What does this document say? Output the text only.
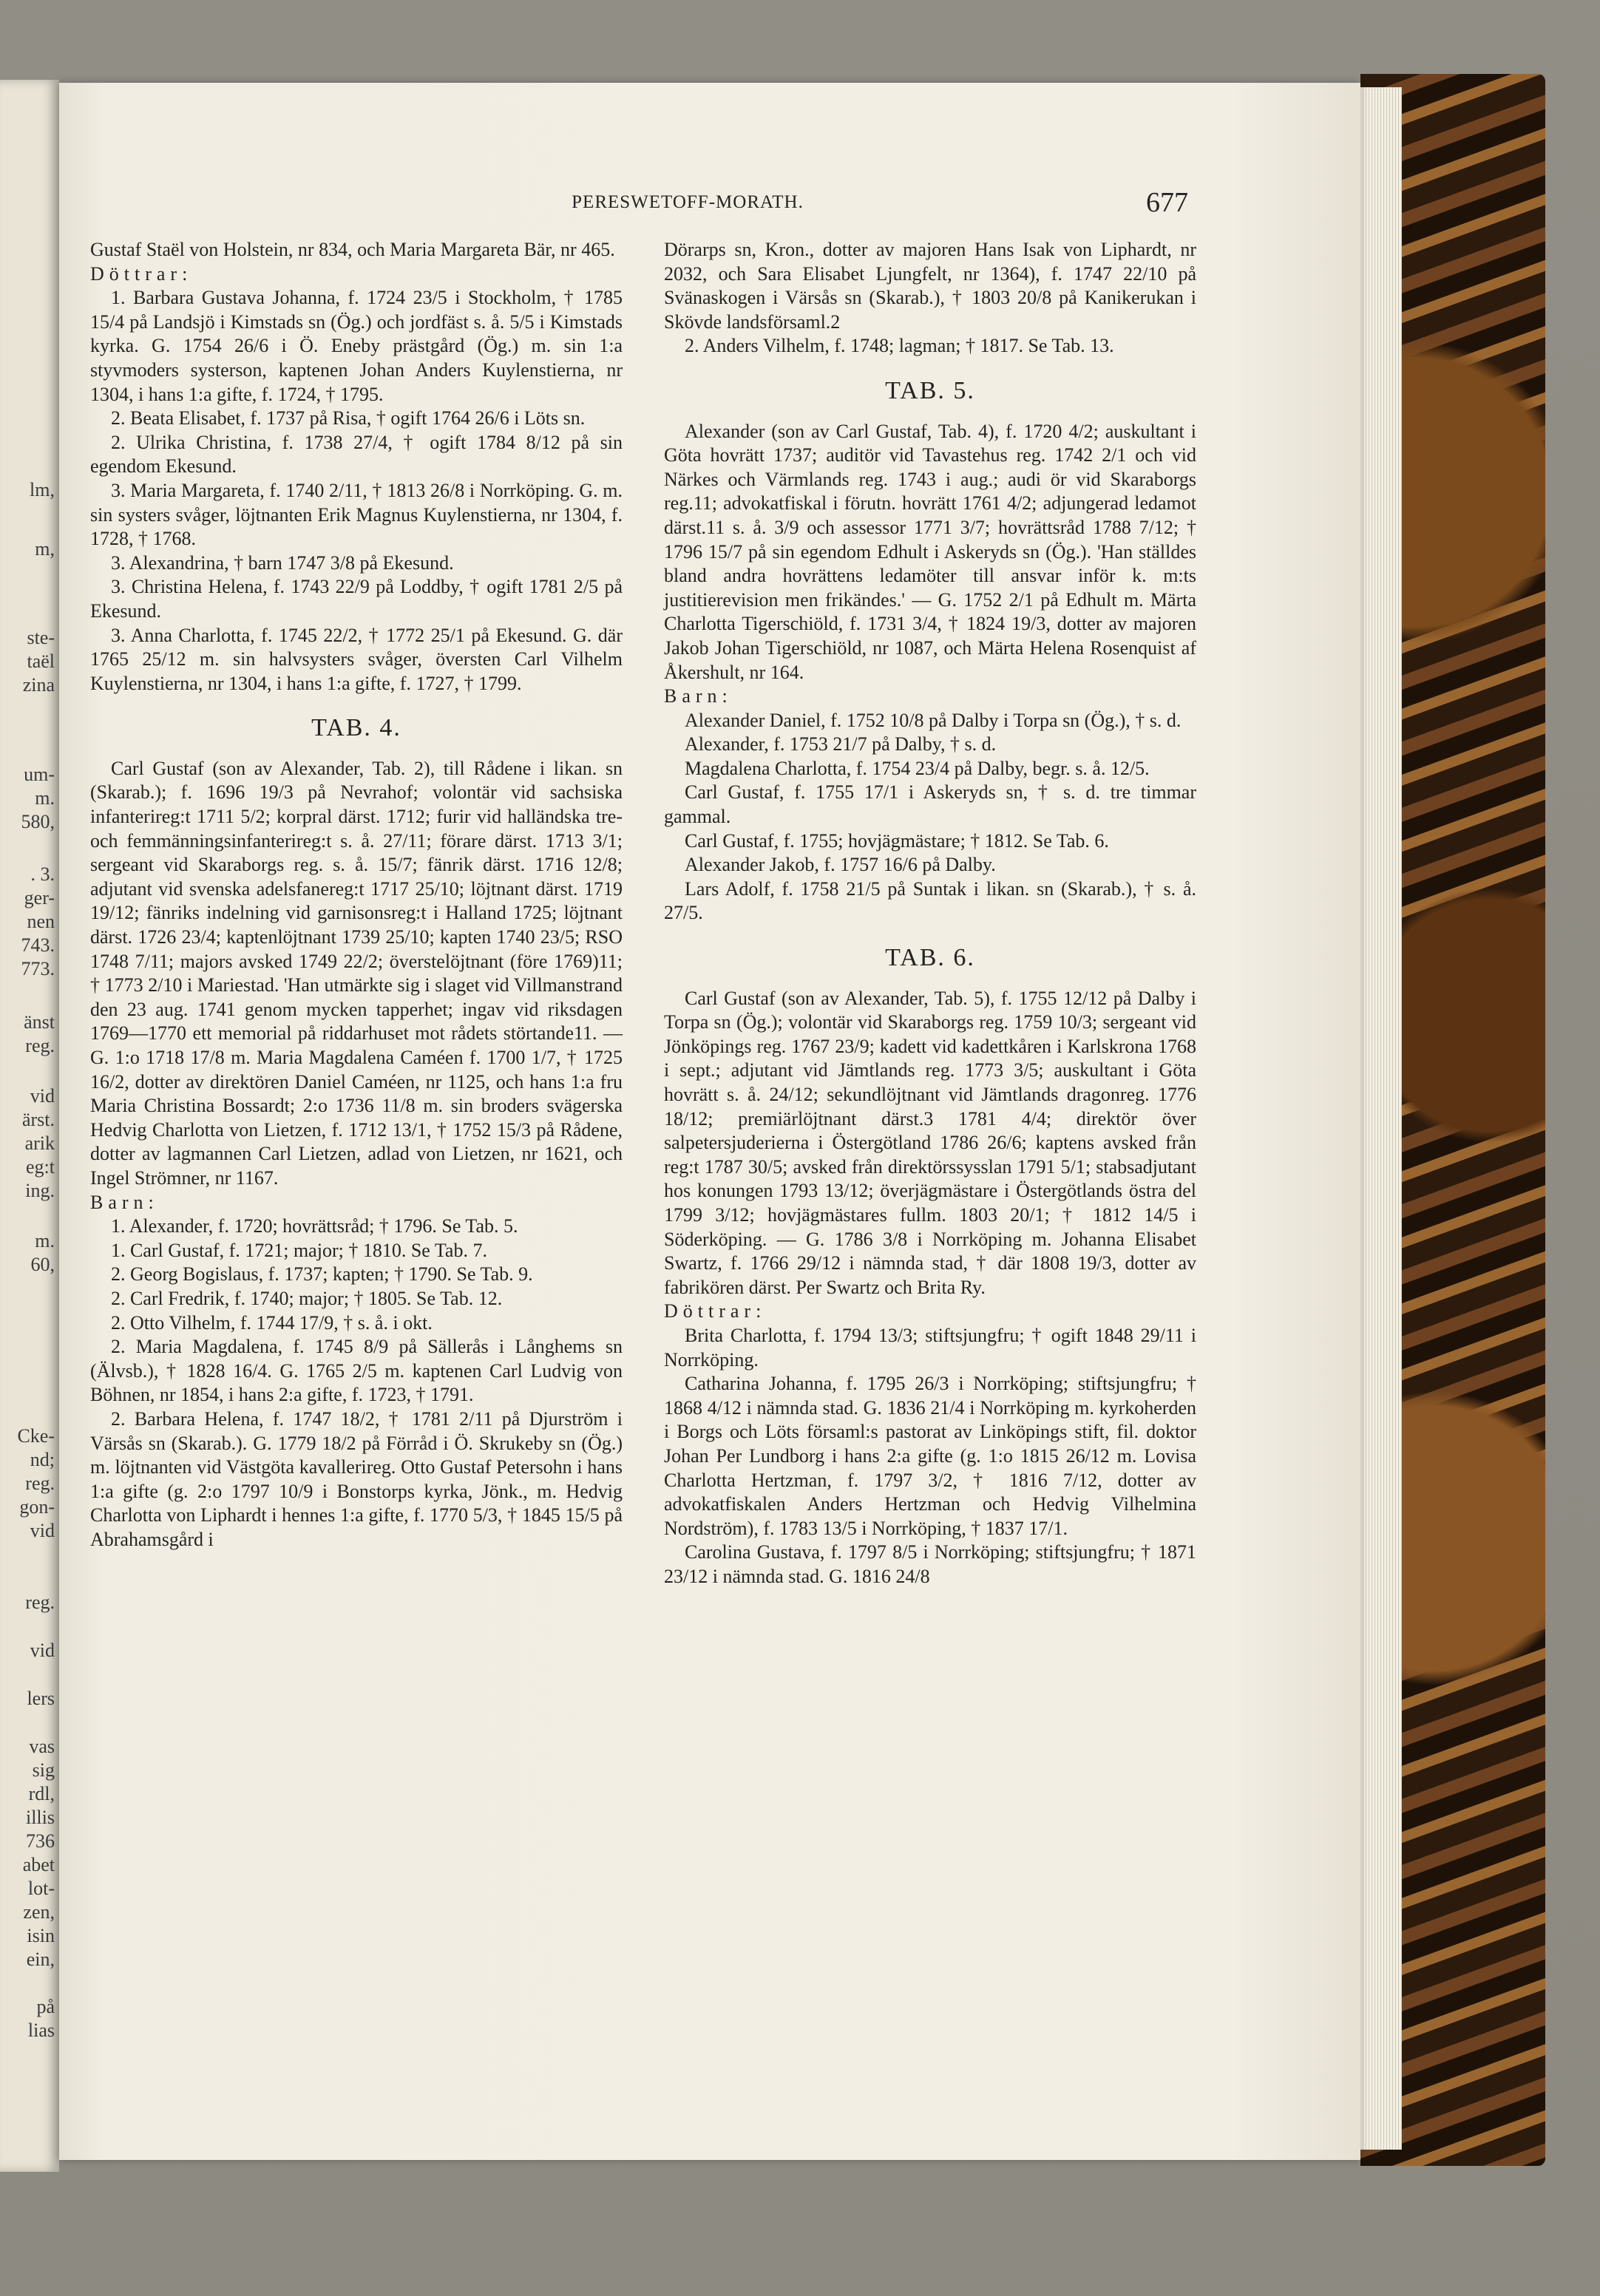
lm,
m,
ste-
taël
zina
um-
m.
580,
. 3.
ger-
nen
743.
773.
änst
reg.
vid
ärst.
arik
eg:t
ing.
m.
60,
Cke-
nd;
reg.
gon-
vid
reg.
vid
lers
vas
sig
rdl,
illis
736
abet
lot-
zen,
isin
ein,
på
lias
PERESWETOFF-MORATH.	677

Gustaf Staël von Holstein, nr 834, och Maria Margareta Bär, nr 465.

Döttrar:

1. Barbara Gustava Johanna, f. 1724 23/5 i Stockholm, † 1785 15/4 på Landsjö i Kimstads sn (Ög.) och jordfäst s. å. 5/5 i Kimstads kyrka. G. 1754 26/6 i Ö. Eneby prästgård (Ög.) m. sin 1:a styvmoders systerson, kaptenen Johan Anders Kuylenstierna, nr 1304, i hans 1:a gifte, f. 1724, † 1795.

2. Beata Elisabet, f. 1737 på Risa, † ogift 1764 26/6 i Löts sn.

2. Ulrika Christina, f. 1738 27/4, † ogift 1784 8/12 på sin egendom Ekesund.

3. Maria Margareta, f. 1740 2/11, † 1813 26/8 i Norrköping. G. m. sin systers svåger, löjtnanten Erik Magnus Kuylenstierna, nr 1304, f. 1728, † 1768.

3. Alexandrina, † barn 1747 3/8 på Ekesund.

3. Christina Helena, f. 1743 22/9 på Loddby, † ogift 1781 2/5 på Ekesund.

3. Anna Charlotta, f. 1745 22/2, † 1772 25/1 på Ekesund. G. där 1765 25/12 m. sin halvsysters svåger, översten Carl Vilhelm Kuylenstierna, nr 1304, i hans 1:a gifte, f. 1727, † 1799.

TAB. 4.

Carl Gustaf (son av Alexander, Tab. 2), till Rådene i likan. sn (Skarab.); f. 1696 19/3 på Nevrahof; volontär vid sachsiska infanterireg:t 1711 5/2; korpral därst. 1712; furir vid halländska tre- och femmänningsinfanterireg:t s. å. 27/11; förare därst. 1713 3/1; sergeant vid Skaraborgs reg. s. å. 15/7; fänrik därst. 1716 12/8; adjutant vid svenska adelsfanereg:t 1717 25/10; löjtnant därst. 1719 19/12; fänriks indelning vid garnisonsreg:t i Halland 1725; löjtnant därst. 1726 23/4; kaptenlöjtnant 1739 25/10; kapten 1740 23/5; RSO 1748 7/11; majors avsked 1749 22/2; överstelöjtnant (före 1769)11; † 1773 2/10 i Mariestad. 'Han utmärkte sig i slaget vid Villmanstrand den 23 aug. 1741 genom mycken tapperhet; ingav vid riksdagen 1769—1770 ett memorial på riddarhuset mot rådets störtande11. —G. 1:o 1718 17/8 m. Maria Magdalena Caméen f. 1700 1/7, † 1725 16/2, dotter av direktören Daniel Caméen, nr 1125, och hans 1:a fru Maria Christina Bossardt; 2:o 1736 11/8 m. sin broders svägerska Hedvig Charlotta von Lietzen, f. 1712 13/1, † 1752 15/3 på Rådene, dotter av lagmannen Carl Lietzen, adlad von Lietzen, nr 1621, och Ingel Strömner, nr 1167.

Barn:

1. Alexander, f. 1720; hovrättsråd; † 1796. Se Tab. 5.

1. Carl Gustaf, f. 1721; major; † 1810. Se Tab. 7.

2. Georg Bogislaus, f. 1737; kapten; † 1790. Se Tab. 9.

2. Carl Fredrik, f. 1740; major; † 1805. Se Tab. 12.

2. Otto Vilhelm, f. 1744 17/9, † s. å. i okt.

2. Maria Magdalena, f. 1745 8/9 på Sällerås i Långhems sn (Älvsb.), † 1828 16/4. G. 1765 2/5 m. kaptenen Carl Ludvig von Böhnen, nr 1854, i hans 2:a gifte, f. 1723, † 1791.

2. Barbara Helena, f. 1747 18/2, † 1781 2/11 på Djurström i Värsås sn (Skarab.). G. 1779 18/2 på Förråd i Ö. Skrukeby sn (Ög.) m. löjtnanten vid Västgöta kavallerireg. Otto Gustaf Petersohn i hans 1:a gifte (g. 2:o 1797 10/9 i Bonstorps kyrka, Jönk., m. Hedvig Charlotta von Liphardt i hennes 1:a gifte, f. 1770 5/3, † 1845 15/5 på Abrahamsgård i

Dörarps sn, Kron., dotter av majoren Hans Isak von Liphardt, nr 2032, och Sara Elisabet Ljungfelt, nr 1364), f. 1747 22/10 på Svänaskogen i Värsås sn (Skarab.), † 1803 20/8 på Kanikerukan i Skövde landsförsaml.2

2. Anders Vilhelm, f. 1748; lagman; † 1817. Se Tab. 13.

TAB. 5.

Alexander (son av Carl Gustaf, Tab. 4), f. 1720 4/2; auskultant i Göta hovrätt 1737; auditör vid Tavastehus reg. 1742 2/1 och vid Närkes och Värmlands reg. 1743 i aug.; audi ör vid Skaraborgs reg.11; advokatfiskal i förutn. hovrätt 1761 4/2; adjungerad ledamot därst.11 s. å. 3/9 och assessor 1771 3/7; hovrättsråd 1788 7/12; † 1796 15/7 på sin egendom Edhult i Askeryds sn (Ög.). 'Han ställdes bland andra hovrättens ledamöter till ansvar inför k. m:ts justitierevision men frikändes.' — G. 1752 2/1 på Edhult m. Märta Charlotta Tigerschiöld, f. 1731 3/4, † 1824 19/3, dotter av majoren Jakob Johan Tigerschiöld, nr 1087, och Märta Helena Rosenquist af Åkershult, nr 164.

Barn:

Alexander Daniel, f. 1752 10/8 på Dalby i Torpa sn (Ög.), † s. d.

Alexander, f. 1753 21/7 på Dalby, † s. d.

Magdalena Charlotta, f. 1754 23/4 på Dalby, begr. s. å. 12/5.

Carl Gustaf, f. 1755 17/1 i Askeryds sn, † s. d. tre timmar gammal.

Carl Gustaf, f. 1755; hovjägmästare; † 1812. Se Tab. 6.

Alexander Jakob, f. 1757 16/6 på Dalby.

Lars Adolf, f. 1758 21/5 på Suntak i likan. sn (Skarab.), † s. å. 27/5.

TAB. 6.

Carl Gustaf (son av Alexander, Tab. 5), f. 1755 12/12 på Dalby i Torpa sn (Ög.); volontär vid Skaraborgs reg. 1759 10/3; sergeant vid Jönköpings reg. 1767 23/9; kadett vid kadettkåren i Karlskrona 1768 i sept.; adjutant vid Jämtlands reg. 1773 3/5; auskultant i Göta hovrätt s. å. 24/12; sekundlöjtnant vid Jämtlands dragonreg. 1776 18/12; premiärlöjtnant därst.3 1781 4/4; direktör över salpetersjuderierna i Östergötland 1786 26/6; kaptens avsked från reg:t 1787 30/5; avsked från direktörssysslan 1791 5/1; stabsadjutant hos konungen 1793 13/12; överjägmästare i Östergötlands östra del 1799 3/12; hovjägmästares fullm. 1803 20/1; † 1812 14/5 i Söderköping. — G. 1786 3/8 i Norrköping m. Johanna Elisabet Swartz, f. 1766 29/12 i nämnda stad, † där 1808 19/3, dotter av fabrikören därst. Per Swartz och Brita Ry.

Döttrar:

Brita Charlotta, f. 1794 13/3; stiftsjungfru; † ogift 1848 29/11 i Norrköping.

Catharina Johanna, f. 1795 26/3 i Norrköping; stiftsjungfru; † 1868 4/12 i nämnda stad. G. 1836 21/4 i Norrköping m. kyrkoherden i Borgs och Löts församl:s pastorat av Linköpings stift, fil. doktor Johan Per Lundborg i hans 2:a gifte (g. 1:o 1815 26/12 m. Lovisa Charlotta Hertzman, f. 1797 3/2, † 1816 7/12, dotter av advokatfiskalen Anders Hertzman och Hedvig Vilhelmina Nordström), f. 1783 13/5 i Norrköping, † 1837 17/1.

Carolina Gustava, f. 1797 8/5 i Norrköping; stiftsjungfru; † 1871 23/12 i nämnda stad. G. 1816 24/8
